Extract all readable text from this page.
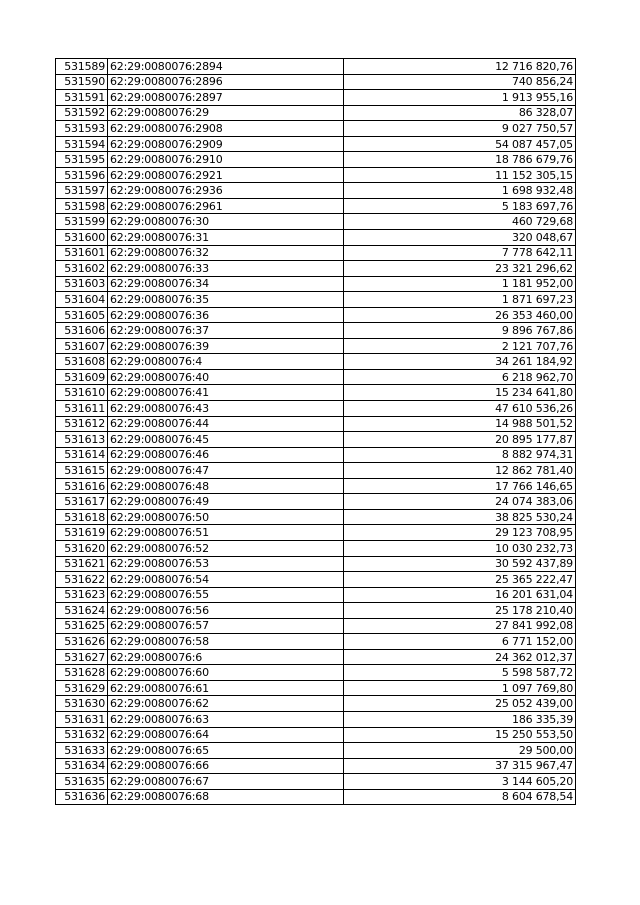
531589	62:29:0080076:2894	12 716 820,76
531590	62:29:0080076:2896	740 856,24
531591	62:29:0080076:2897	1 913 955,16
531592	62:29:0080076:29	86 328,07
531593	62:29:0080076:2908	9 027 750,57
531594	62:29:0080076:2909	54 087 457,05
531595	62:29:0080076:2910	18 786 679,76
531596	62:29:0080076:2921	11 152 305,15
531597	62:29:0080076:2936	1 698 932,48
531598	62:29:0080076:2961	5 183 697,76
531599	62:29:0080076:30	460 729,68
531600	62:29:0080076:31	320 048,67
531601	62:29:0080076:32	7 778 642,11
531602	62:29:0080076:33	23 321 296,62
531603	62:29:0080076:34	1 181 952,00
531604	62:29:0080076:35	1 871 697,23
531605	62:29:0080076:36	26 353 460,00
531606	62:29:0080076:37	9 896 767,86
531607	62:29:0080076:39	2 121 707,76
531608	62:29:0080076:4	34 261 184,92
531609	62:29:0080076:40	6 218 962,70
531610	62:29:0080076:41	15 234 641,80
531611	62:29:0080076:43	47 610 536,26
531612	62:29:0080076:44	14 988 501,52
531613	62:29:0080076:45	20 895 177,87
531614	62:29:0080076:46	8 882 974,31
531615	62:29:0080076:47	12 862 781,40
531616	62:29:0080076:48	17 766 146,65
531617	62:29:0080076:49	24 074 383,06
531618	62:29:0080076:50	38 825 530,24
531619	62:29:0080076:51	29 123 708,95
531620	62:29:0080076:52	10 030 232,73
531621	62:29:0080076:53	30 592 437,89
531622	62:29:0080076:54	25 365 222,47
531623	62:29:0080076:55	16 201 631,04
531624	62:29:0080076:56	25 178 210,40
531625	62:29:0080076:57	27 841 992,08
531626	62:29:0080076:58	6 771 152,00
531627	62:29:0080076:6	24 362 012,37
531628	62:29:0080076:60	5 598 587,72
531629	62:29:0080076:61	1 097 769,80
531630	62:29:0080076:62	25 052 439,00
531631	62:29:0080076:63	186 335,39
531632	62:29:0080076:64	15 250 553,50
531633	62:29:0080076:65	29 500,00
531634	62:29:0080076:66	37 315 967,47
531635	62:29:0080076:67	3 144 605,20
531636	62:29:0080076:68	8 604 678,54
